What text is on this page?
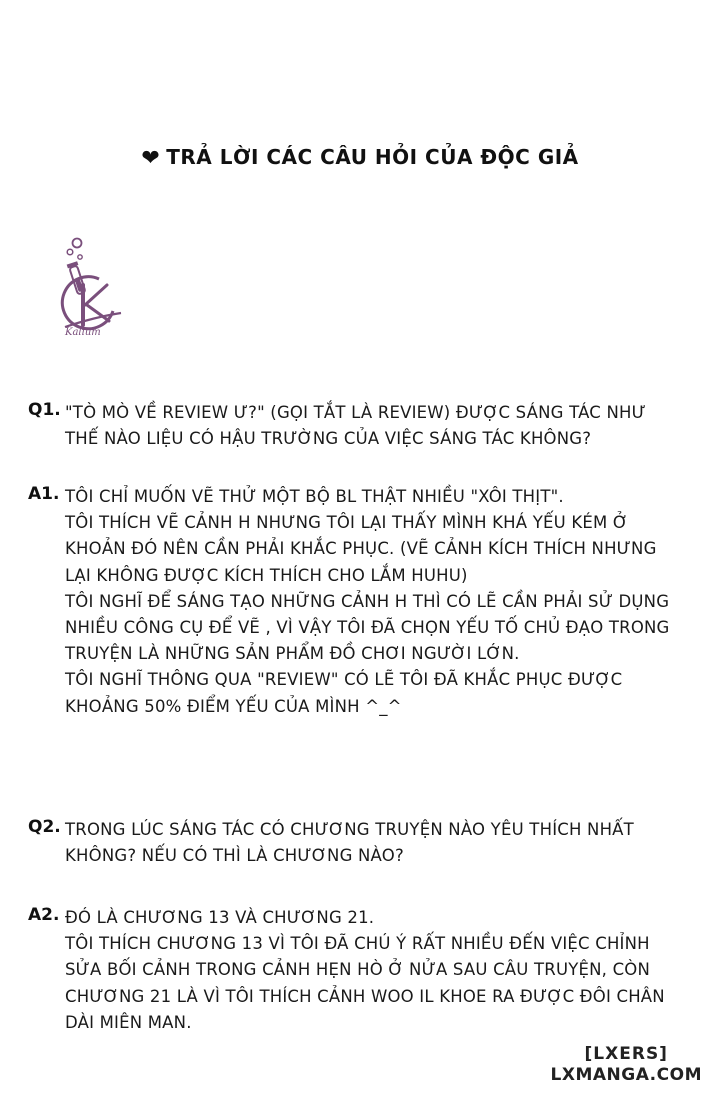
❤ TRẢ LỜI CÁC CÂU HỎI CỦA ĐỘC GIẢ
Kalium
Q1. "TÒ MÒ VỀ REVIEW Ư?" (GỌI TẮT LÀ REVIEW) ĐƯỢC SÁNG TÁC NHƯ
THẾ NÀO LIỆU CÓ HẬU TRƯỜNG CỦA VIỆC SÁNG TÁC KHÔNG?
A1. TÔI CHỈ MUỐN VẼ THỬ MỘT BỘ BL THẬT NHIỀU "XÔI THỊT".
TÔI THÍCH VẼ CẢNH H NHƯNG TÔI LẠI THẤY MÌNH KHÁ YẾU KÉM Ở
KHOẢN ĐÓ NÊN CẦN PHẢI KHẮC PHỤC. (VẼ CẢNH KÍCH THÍCH NHƯNG
LẠI KHÔNG ĐƯỢC KÍCH THÍCH CHO LẮM HUHU)
TÔI NGHĨ ĐỂ SÁNG TẠO NHỮNG CẢNH H THÌ CÓ LẼ CẦN PHẢI SỬ DỤNG
NHIỀU CÔNG CỤ ĐỂ VẼ , VÌ VẬY TÔI ĐÃ CHỌN YẾU TỐ CHỦ ĐẠO TRONG
TRUYỆN LÀ NHỮNG SẢN PHẨM ĐỒ CHƠI NGƯỜI LỚN.
TÔI NGHĨ THÔNG QUA "REVIEW" CÓ LẼ TÔI ĐÃ KHẮC PHỤC ĐƯỢC
KHOẢNG 50% ĐIỂM YẾU CỦA MÌNH ^_^
Q2. TRONG LÚC SÁNG TÁC CÓ CHƯƠNG TRUYỆN NÀO YÊU THÍCH NHẤT
KHÔNG? NẾU CÓ THÌ LÀ CHƯƠNG NÀO?
A2. ĐÓ LÀ CHƯƠNG 13 VÀ CHƯƠNG 21.
TÔI THÍCH CHƯƠNG 13 VÌ TÔI ĐÃ CHÚ Ý RẤT NHIỀU ĐẾN VIỆC CHỈNH
SỬA BỐI CẢNH TRONG CẢNH HẸN HÒ Ở NỬA SAU CÂU TRUYỆN, CÒN
CHƯƠNG 21 LÀ VÌ TÔI THÍCH CẢNH WOO IL KHOE RA ĐƯỢC ĐÔI CHÂN
DÀI MIÊN MAN.
[LXERS]
LXMANGA.COM
